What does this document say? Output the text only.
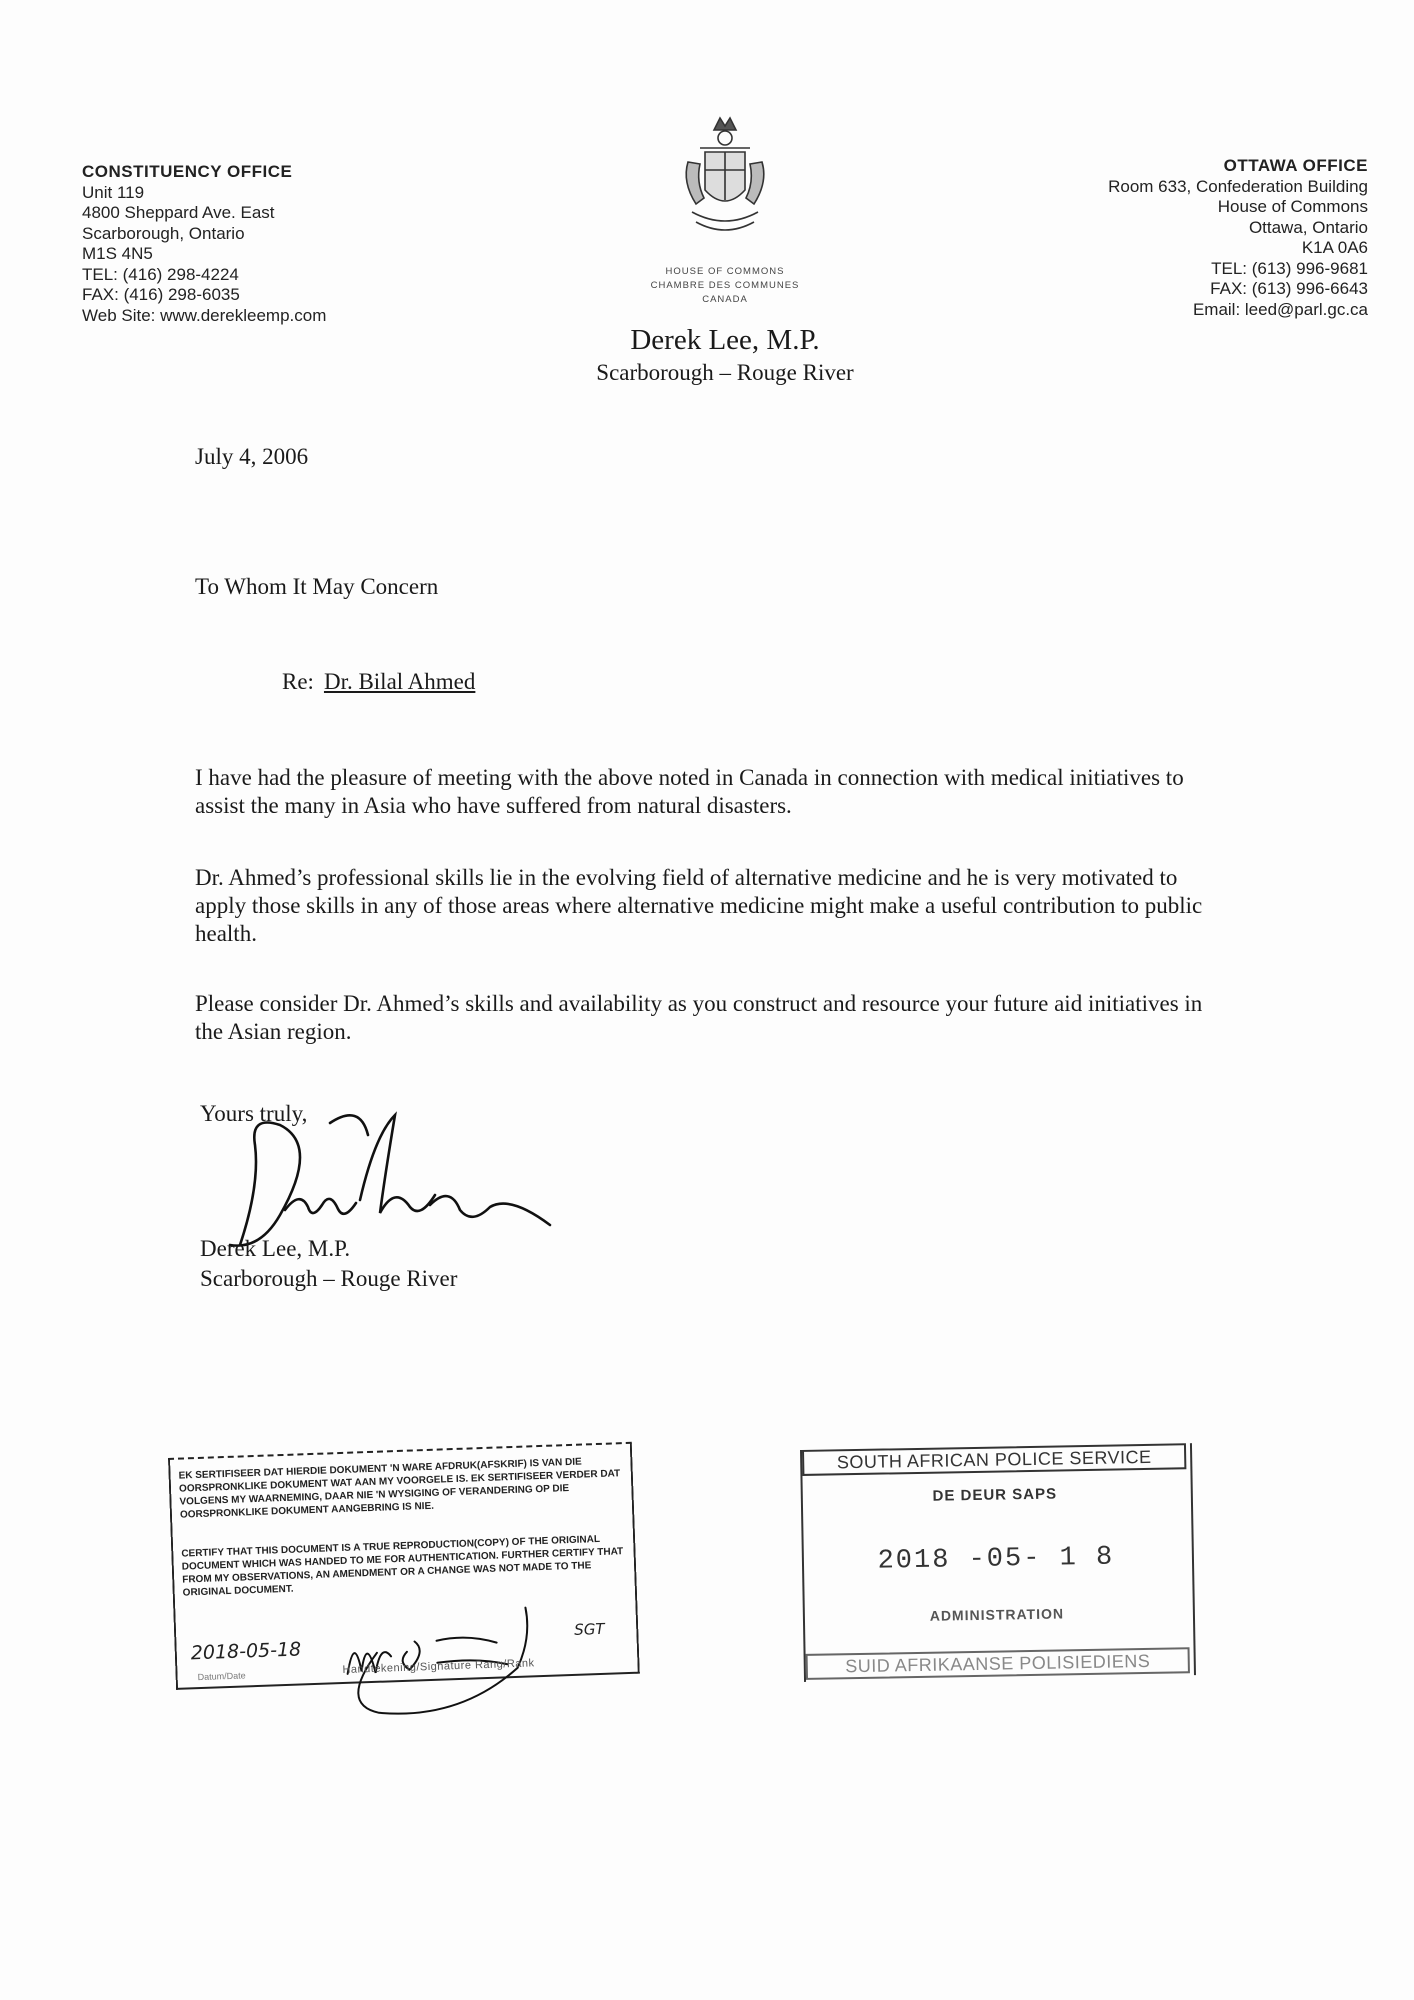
CONSTITUENCY OFFICE
Unit 119
4800 Sheppard Ave. East
Scarborough, Ontario
M1S 4N5
TEL: (416) 298-4224
FAX: (416) 298-6035
Web Site: www.derekleemp.com
HOUSE OF COMMONS
CHAMBRE DES COMMUNES
CANADA
Derek Lee, M.P.
Scarborough – Rouge River
OTTAWA OFFICE
Room 633, Confederation Building
House of Commons
Ottawa, Ontario
K1A 0A6
TEL: (613) 996-9681
FAX: (613) 996-6643
Email: leed@parl.gc.ca
July 4, 2006
To Whom It May Concern
Re: Dr. Bilal Ahmed
I have had the pleasure of meeting with the above noted in Canada in connection with medical initiatives to assist the many in Asia who have suffered from natural disasters.
Dr. Ahmed’s professional skills lie in the evolving field of alternative medicine and he is very motivated to apply those skills in any of those areas where alternative medicine might make a useful contribution to public health.
Please consider Dr. Ahmed’s skills and availability as you construct and resource your future aid initiatives in the Asian region.
Yours truly,
Derek Lee, M.P.
Scarborough – Rouge River
EK SERTIFISEER DAT HIERDIE DOKUMENT 'N WARE AFDRUK(AFSKRIF) IS VAN DIE OORSPRONKLIKE DOKUMENT WAT AAN MY VOORGELE IS. EK SERTIFISEER VERDER DAT VOLGENS MY WAARNEMING, DAAR NIE 'N WYSIGING OF VERANDERING OP DIE OORSPRONKLIKE DOKUMENT AANGEBRING IS NIE.
CERTIFY THAT THIS DOCUMENT IS A TRUE REPRODUCTION(COPY) OF THE ORIGINAL DOCUMENT WHICH WAS HANDED TO ME FOR AUTHENTICATION. FURTHER CERTIFY THAT FROM MY OBSERVATIONS, AN AMENDMENT OR A CHANGE WAS NOT MADE TO THE ORIGINAL DOCUMENT.
2018-05-18
SGT
Datum/Date
Handtekening/Signature Rang/Rank
SOUTH AFRICAN POLICE SERVICE
DE DEUR SAPS
2018 -05- 1 8
ADMINISTRATION
SUID AFRIKAANSE POLISIEDIENS
